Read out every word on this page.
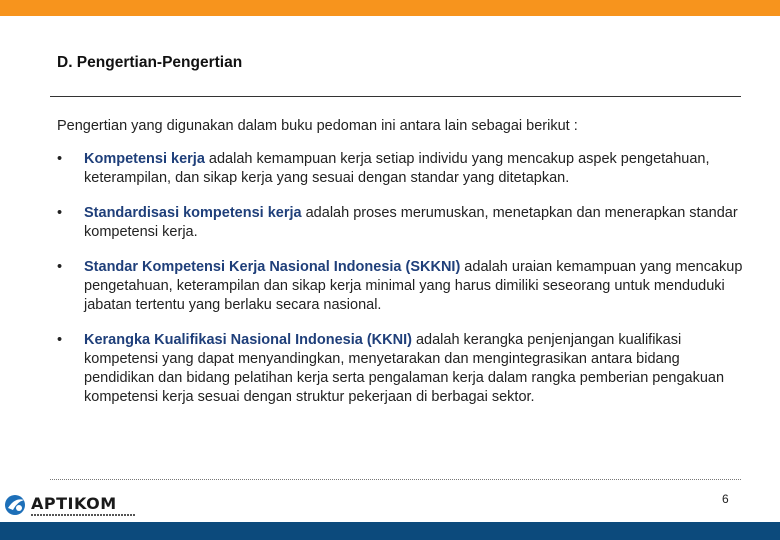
D. Pengertian-Pengertian
Pengertian yang digunakan dalam buku pedoman ini antara lain sebagai berikut :
• Kompetensi kerja adalah kemampuan kerja setiap individu yang mencakup aspek pengetahuan, keterampilan, dan sikap kerja yang sesuai dengan standar yang ditetapkan.
• Standardisasi kompetensi kerja adalah proses merumuskan, menetapkan dan menerapkan standar kompetensi kerja.
• Standar Kompetensi Kerja Nasional Indonesia (SKKNI) adalah uraian kemampuan yang mencakup pengetahuan, keterampilan dan sikap kerja minimal yang harus dimiliki seseorang untuk menduduki jabatan tertentu yang berlaku secara nasional.
• Kerangka Kualifikasi Nasional Indonesia (KKNI) adalah kerangka penjenjangan kualifikasi kompetensi yang dapat menyandingkan, menyetarakan dan mengintegrasikan antara bidang pendidikan dan bidang pelatihan kerja serta pengalaman kerja dalam rangka pemberian pengakuan kompetensi kerja sesuai dengan struktur pekerjaan di berbagai sektor.
APTIKOM	6
